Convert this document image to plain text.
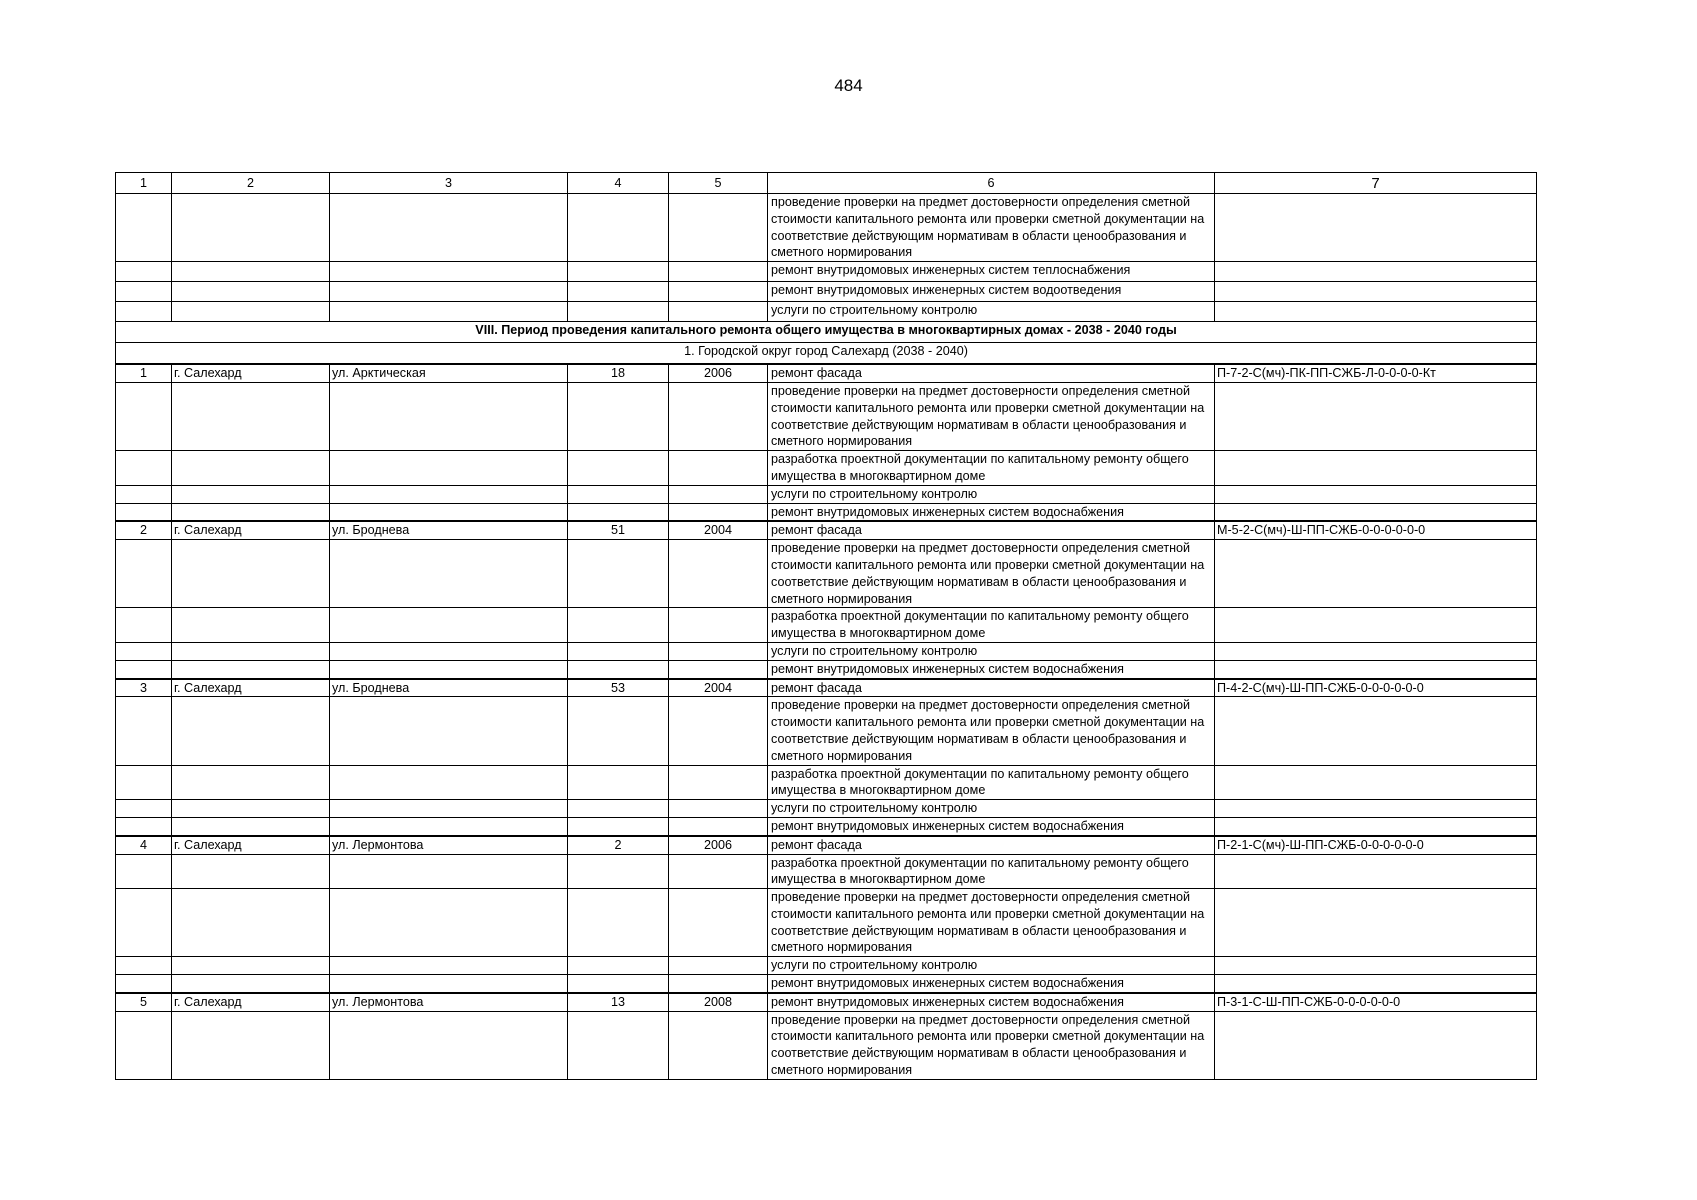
484
1	2	3	4	5	6	7
					проведение проверки на предмет достоверности определения сметной стоимости капитального ремонта или проверки сметной документации на соответствие действующим нормативам в области ценообразования и сметного нормирования	
					ремонт внутридомовых инженерных систем теплоснабжения	
					ремонт внутридомовых инженерных систем водоотведения	
					услуги по строительному контролю	
VIII. Период проведения капитального ремонта общего имущества в многоквартирных домах - 2038 - 2040 годы						
1. Городской округ город Салехард (2038 - 2040)						
1	г. Салехард	ул. Арктическая	18	2006	ремонт фасада	П-7-2-С(мч)-ПК-ПП-СЖБ-Л-0-0-0-0-Кт
					проведение проверки на предмет достоверности определения сметной стоимости капитального ремонта или проверки сметной документации на соответствие действующим нормативам в области ценообразования и сметного нормирования	
					разработка проектной документации по капитальному ремонту общего имущества в многоквартирном доме	
					услуги по строительному контролю	
					ремонт внутридомовых инженерных систем водоснабжения	
2	г. Салехард	ул. Броднева	51	2004	ремонт фасада	М-5-2-С(мч)-Ш-ПП-СЖБ-0-0-0-0-0-0
					проведение проверки на предмет достоверности определения сметной стоимости капитального ремонта или проверки сметной документации на соответствие действующим нормативам в области ценообразования и сметного нормирования	
					разработка проектной документации по капитальному ремонту общего имущества в многоквартирном доме	
					услуги по строительному контролю	
					ремонт внутридомовых инженерных систем водоснабжения	
3	г. Салехард	ул. Броднева	53	2004	ремонт фасада	П-4-2-С(мч)-Ш-ПП-СЖБ-0-0-0-0-0-0
					проведение проверки на предмет достоверности определения сметной стоимости капитального ремонта или проверки сметной документации на соответствие действующим нормативам в области ценообразования и сметного нормирования	
					разработка проектной документации по капитальному ремонту общего имущества в многоквартирном доме	
					услуги по строительному контролю	
					ремонт внутридомовых инженерных систем водоснабжения	
4	г. Салехард	ул. Лермонтова	2	2006	ремонт фасада	П-2-1-С(мч)-Ш-ПП-СЖБ-0-0-0-0-0-0
					разработка проектной документации по капитальному ремонту общего имущества в многоквартирном доме	
					проведение проверки на предмет достоверности определения сметной стоимости капитального ремонта или проверки сметной документации на соответствие действующим нормативам в области ценообразования и сметного нормирования	
					услуги по строительному контролю	
					ремонт внутридомовых инженерных систем водоснабжения	
5	г. Салехард	ул. Лермонтова	13	2008	ремонт внутридомовых инженерных систем водоснабжения	П-3-1-С-Ш-ПП-СЖБ-0-0-0-0-0-0
					проведение проверки на предмет достоверности определения сметной стоимости капитального ремонта или проверки сметной документации на соответствие действующим нормативам в области ценообразования и сметного нормирования	
